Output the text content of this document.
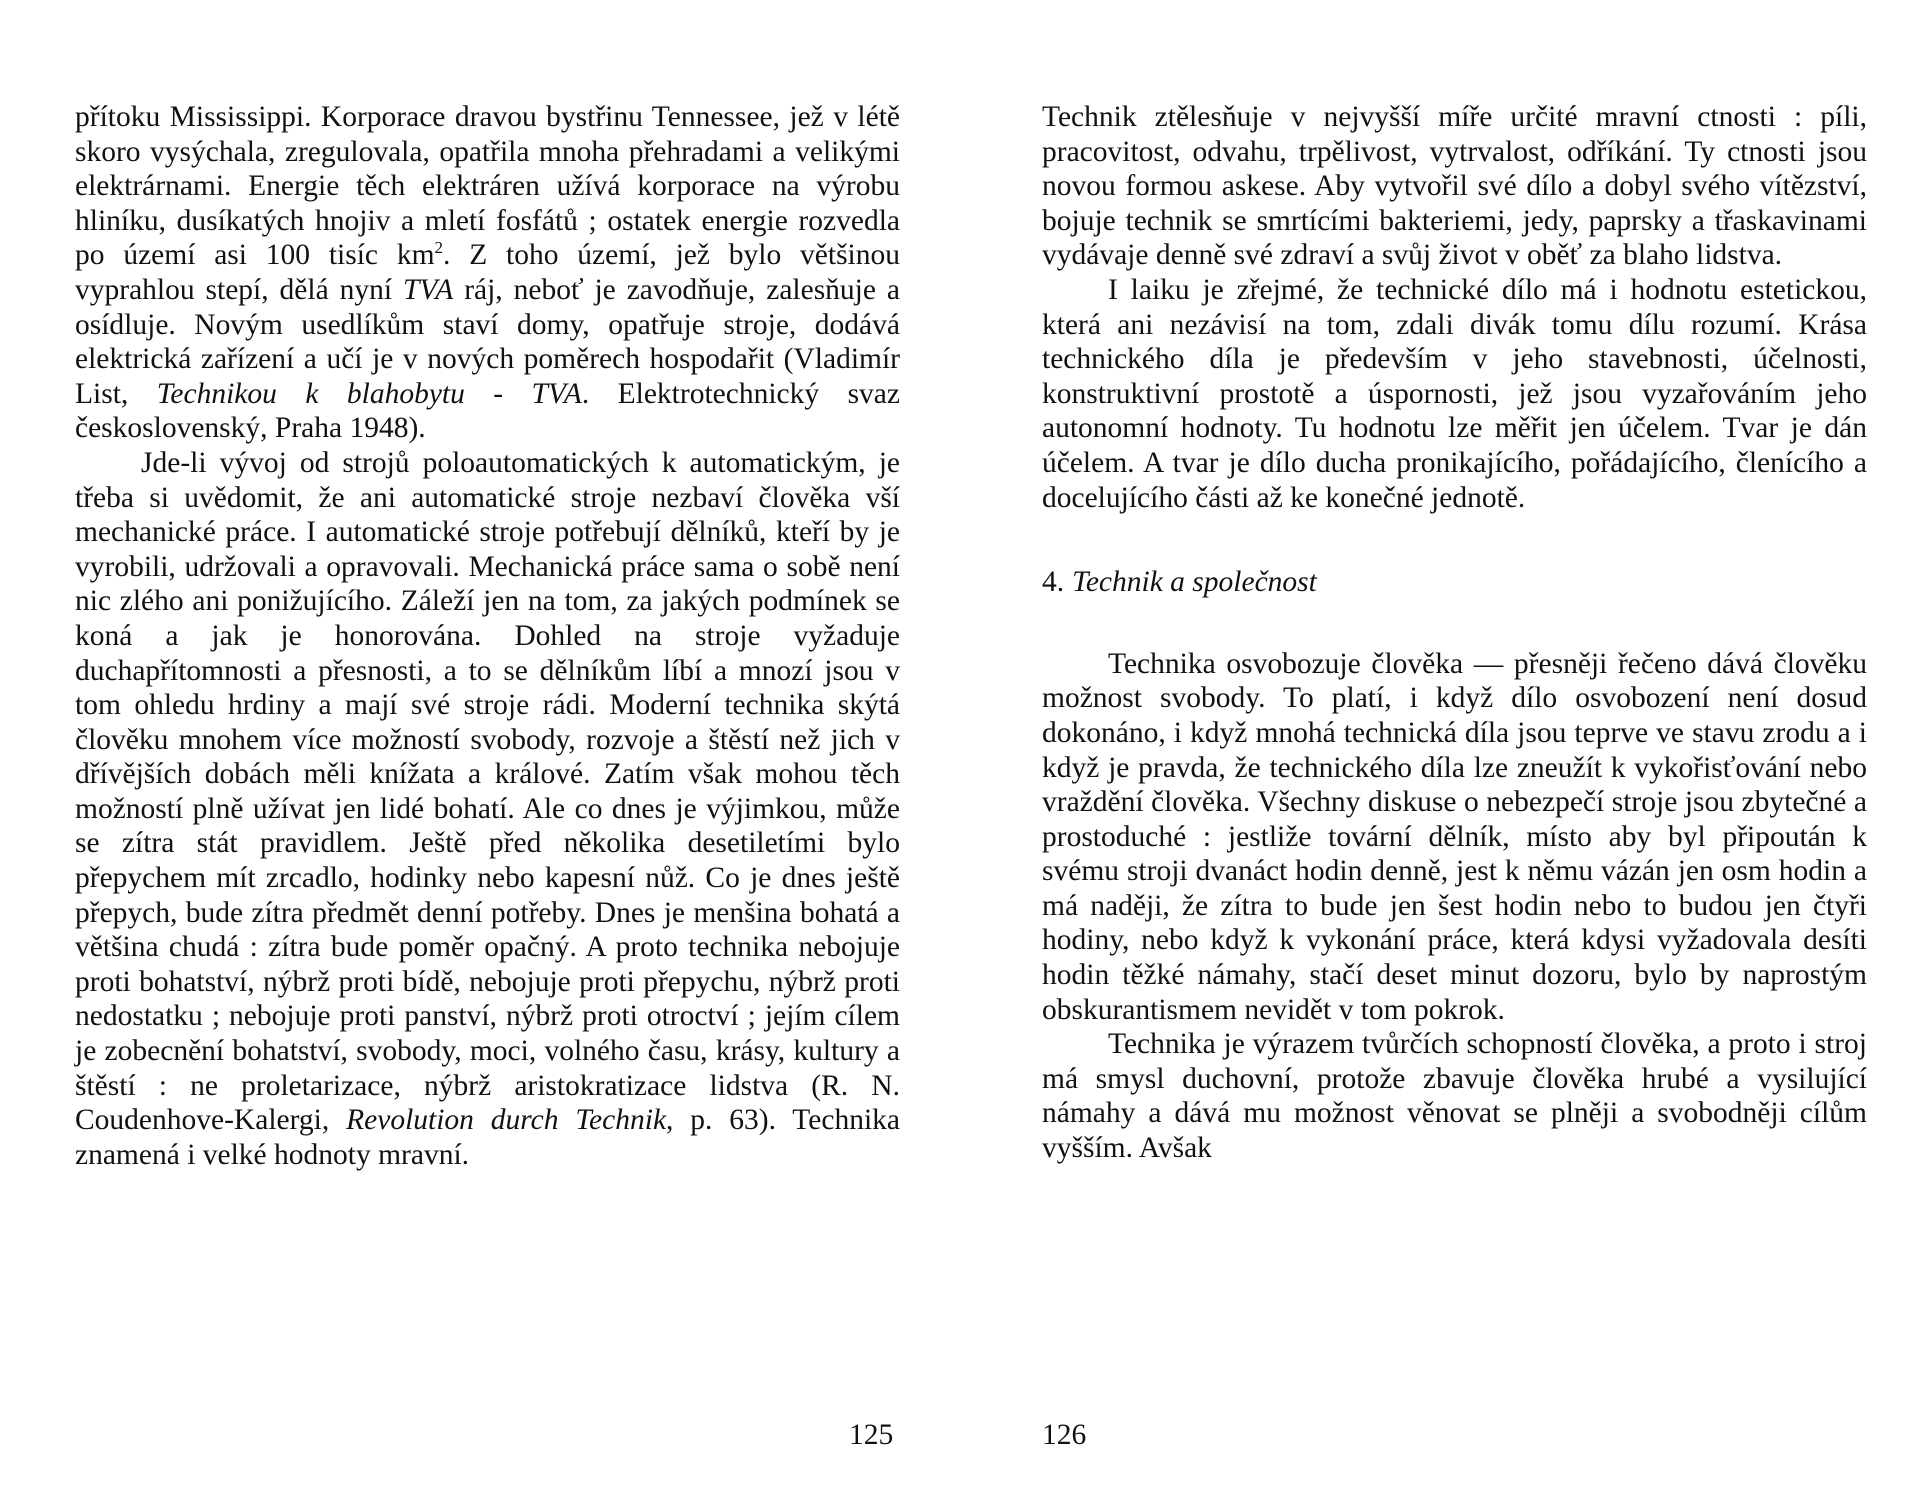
přítoku Mississippi. Korporace dravou bystřinu Tennessee, jež v létě skoro vysýchala, zregulovala, opatřila mnoha přehradami a velikými elektrárnami. Energie těch elektráren užívá korporace na výrobu hliníku, dusíkatých hnojiv a mletí fosfátů ; ostatek energie rozvedla po území asi 100 tisíc $km^2$. Z toho území, jež bylo většinou vyprahlou stepí, dělá nyní TVA ráj, neboť je zavodňuje, zalesňuje a osídluje. Novým usedlíkům staví domy, opatřuje stroje, dodává elektrická zařízení a učí je v nových poměrech hospodařit (Vladimír List, Technikou k blahobytu - TVA. Elektrotechnický svaz československý, Praha 1948).

Jde-li vývoj od strojů poloautomatických k automatickým, je třeba si uvědomit, že ani automatické stroje nezbaví člověka vší mechanické práce. I automatické stroje potřebují dělníků, kteří by je vyrobili, udržovali a opravovali. Mechanická práce sama o sobě není nic zlého ani ponižujícího. Záleží jen na tom, za jakých podmínek se koná a jak je honorována. Dohled na stroje vyžaduje duchapřítomnosti a přesnosti, a to se dělníkům líbí a mnozí jsou v tom ohledu hrdiny a mají své stroje rádi. Moderní technika skýtá člověku mnohem více možností svobody, rozvoje a štěstí než jich v dřívějších dobách měli knížata a králové. Zatím však mohou těch možností plně užívat jen lidé bohatí. Ale co dnes je výjimkou, může se zítra stát pravidlem. Ještě před několika desetiletími bylo přepychem mít zrcadlo, hodinky nebo kapesní nůž. Co je dnes ještě přepych, bude zítra předmět denní potřeby. Dnes je menšina bohatá a většina chudá : zítra bude poměr opačný. A proto technika nebojuje proti bohatství, nýbrž proti bídě, nebojuje proti přepychu, nýbrž proti nedostatku ; nebojuje proti panství, nýbrž proti otroctví ; jejím cílem je zobecnění bohatství, svobody, moci, volného času, krásy, kultury a štěstí : ne proletarizace, nýbrž aristokratizace lidstva (R. N. Coudenhove-Kalergi, Revolution durch Technik, p. 63). Technika znamená i velké hodnoty mravní.

125

Technik ztělesňuje v nejvyšší míře určité mravní ctnosti : píli, pracovitost, odvahu, trpělivost, vytrvalost, odříkání. Ty ctnosti jsou novou formou askese. Aby vytvořil své dílo a dobyl svého vítězství, bojuje technik se smrtícími bakteriemi, jedy, paprsky a třaskavinami vydávaje denně své zdraví a svůj život v oběť za blaho lidstva.

I laiku je zřejmé, že technické dílo má i hodnotu estetickou, která ani nezávisí na tom, zdali divák tomu dílu rozumí. Krása technického díla je především v jeho stavebnosti, účelnosti, konstruktivní prostotě a úspornosti, jež jsou vyzařováním jeho autonomní hodnoty. Tu hodnotu lze měřit jen účelem. Tvar je dán účelem. A tvar je dílo ducha pronikajícího, pořádajícího, členícího a docelujícího části až ke konečné jednotě.

4. Technik a společnost

Technika osvobozuje člověka — přesněji řečeno dává člověku možnost svobody. To platí, i když dílo osvobození není dosud dokonáno, i když mnohá technická díla jsou teprve ve stavu zrodu a i když je pravda, že technického díla lze zneužít k vykořisťování nebo vraždění člověka. Všechny diskuse o nebezpečí stroje jsou zbytečné a prostoduché : jestliže tovární dělník, místo aby byl připoután k svému stroji dvanáct hodin denně, jest k němu vázán jen osm hodin a má naději, že zítra to bude jen šest hodin nebo to budou jen čtyři hodiny, nebo když k vykonání práce, která kdysi vyžadovala desíti hodin těžké námahy, stačí deset minut dozoru, bylo by naprostým obskurantismem nevidět v tom pokrok.

Technika je výrazem tvůrčích schopností člověka, a proto i stroj má smysl duchovní, protože zbavuje člověka hrubé a vysilující námahy a dává mu možnost věnovat se plněji a svobodněji cílům vyšším. Avšak

126
